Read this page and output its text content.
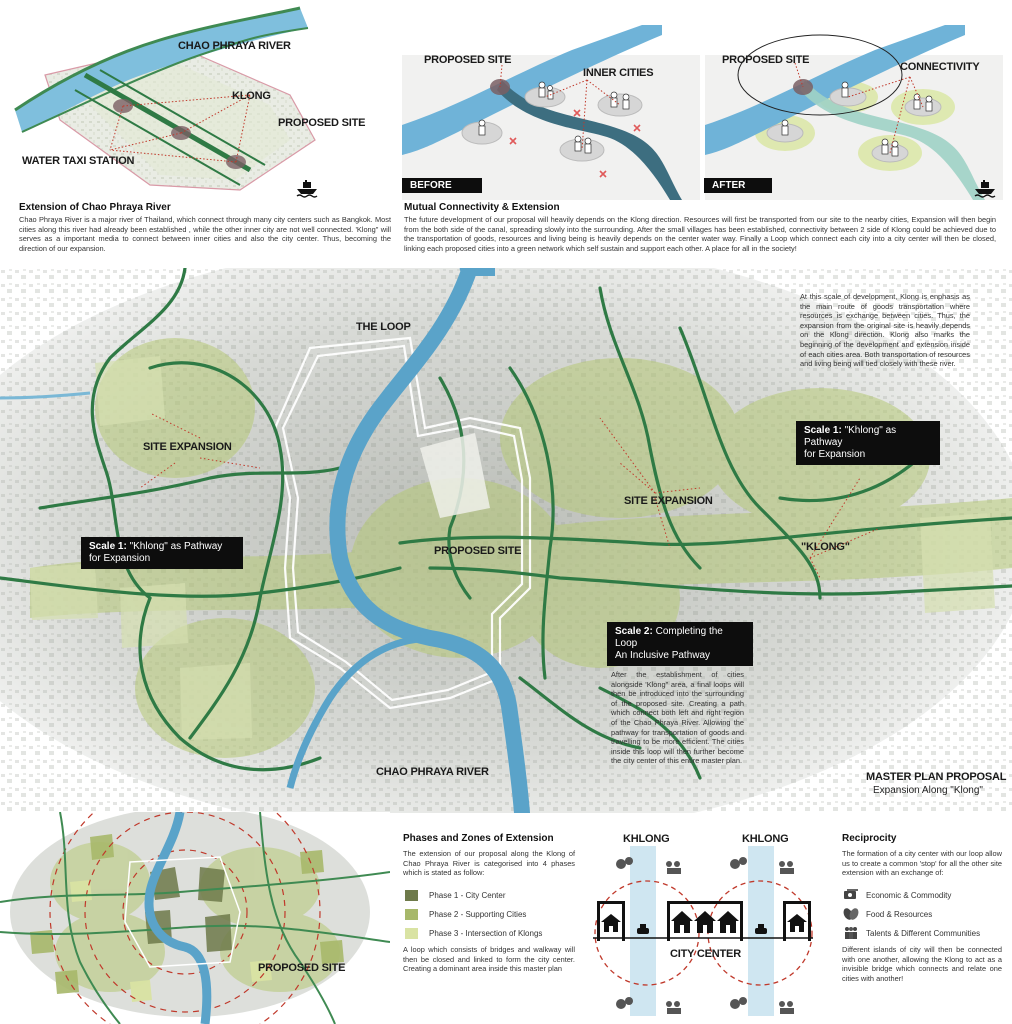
CHAO PHRAYA RIVER
KLONG
PROPOSED SITE
WATER TAXI STATION
Extension of Chao Phraya River
Chao Phraya River is a major river of Thailand, which connect through many city centers such as Bangkok. Most cities along this river had already been established , while the other inner city are not well connected. 'Klong" will serves as a important media to connect between inner cities and also the city center. Thus, becoming the direction of our expansion.
PROPOSED SITE
INNER CITIES
BEFORE
PROPOSED SITE
CONNECTIVITY
AFTER
Mutual Connectivity & Extension
The future development of our proposal will heavily depends on the Klong direction. Resources will first be transported from our site to the nearby cities, Expansion will then begin from the both side of the canal, spreading slowly into the surrounding. After the small villages has been established, connectivity between 2 side of Klong could be achieved due to the transportation of goods, resources and living being is heavily depends on the center water way. Finally a Loop which connect each city into a city center will then be closed, linking each proposed cities into a green network which self sustain and support each other. A place for all in the society!
THE LOOP
SITE EXPANSION
SITE EXPANSION
PROPOSED SITE	"KLONG"
CHAO PHRAYA RIVER
Scale 1: "Khlong" as Pathway
for Expansion
Scale 1: "Khlong" as Pathway
for Expansion
Scale 2: Completing the Loop
An Inclusive Pathway
At this scale of development, Klong is enphasis as the main route of goods transportation where resources is exchange between cities. Thus, the expansion from the original site is heavily depends on the Klong direction. Klong also marks the beginning of the development and extension inside of each cities area. Both transportation of resources and living being will tied closely with these river.
After the establishment of cities alongside 'Klong" area, a final loops will then be introduced into the surrounding of the proposed site. Creating a path which connect both left and right region of the Chao Phraya River. Allowing the pathway for transportation of goods and travelling to be more efficient. The cities inside this loop will then further become the city center of this entire master plan.
MASTER PLAN PROPOSAL
Expansion Along "Klong"
PROPOSED SITE
Phases and Zones of Extension
The extension of our proposal along the Klong of Chao Phraya River is categorised into 4 phases which is stated as follow:
Phase 1 - City Center
Phase 2 - Supporting Cities
Phase 3 - Intersection of Klongs
A loop which consists of bridges and walkway will then be closed and linked to form the city center. Creating a dominant area inside this master plan
KHLONG	KHLONG
CITY CENTER
Reciprocity
The formation of a city center with our loop allow us to create a common 'stop' for all the other site extension with an exchange of:
Economic & Commodity
Food & Resources
Talents & Different Communities
Different islands of city will then be connected with one another, allowing the Klong to act as a invisible bridge which connects and relate one cities with another!
